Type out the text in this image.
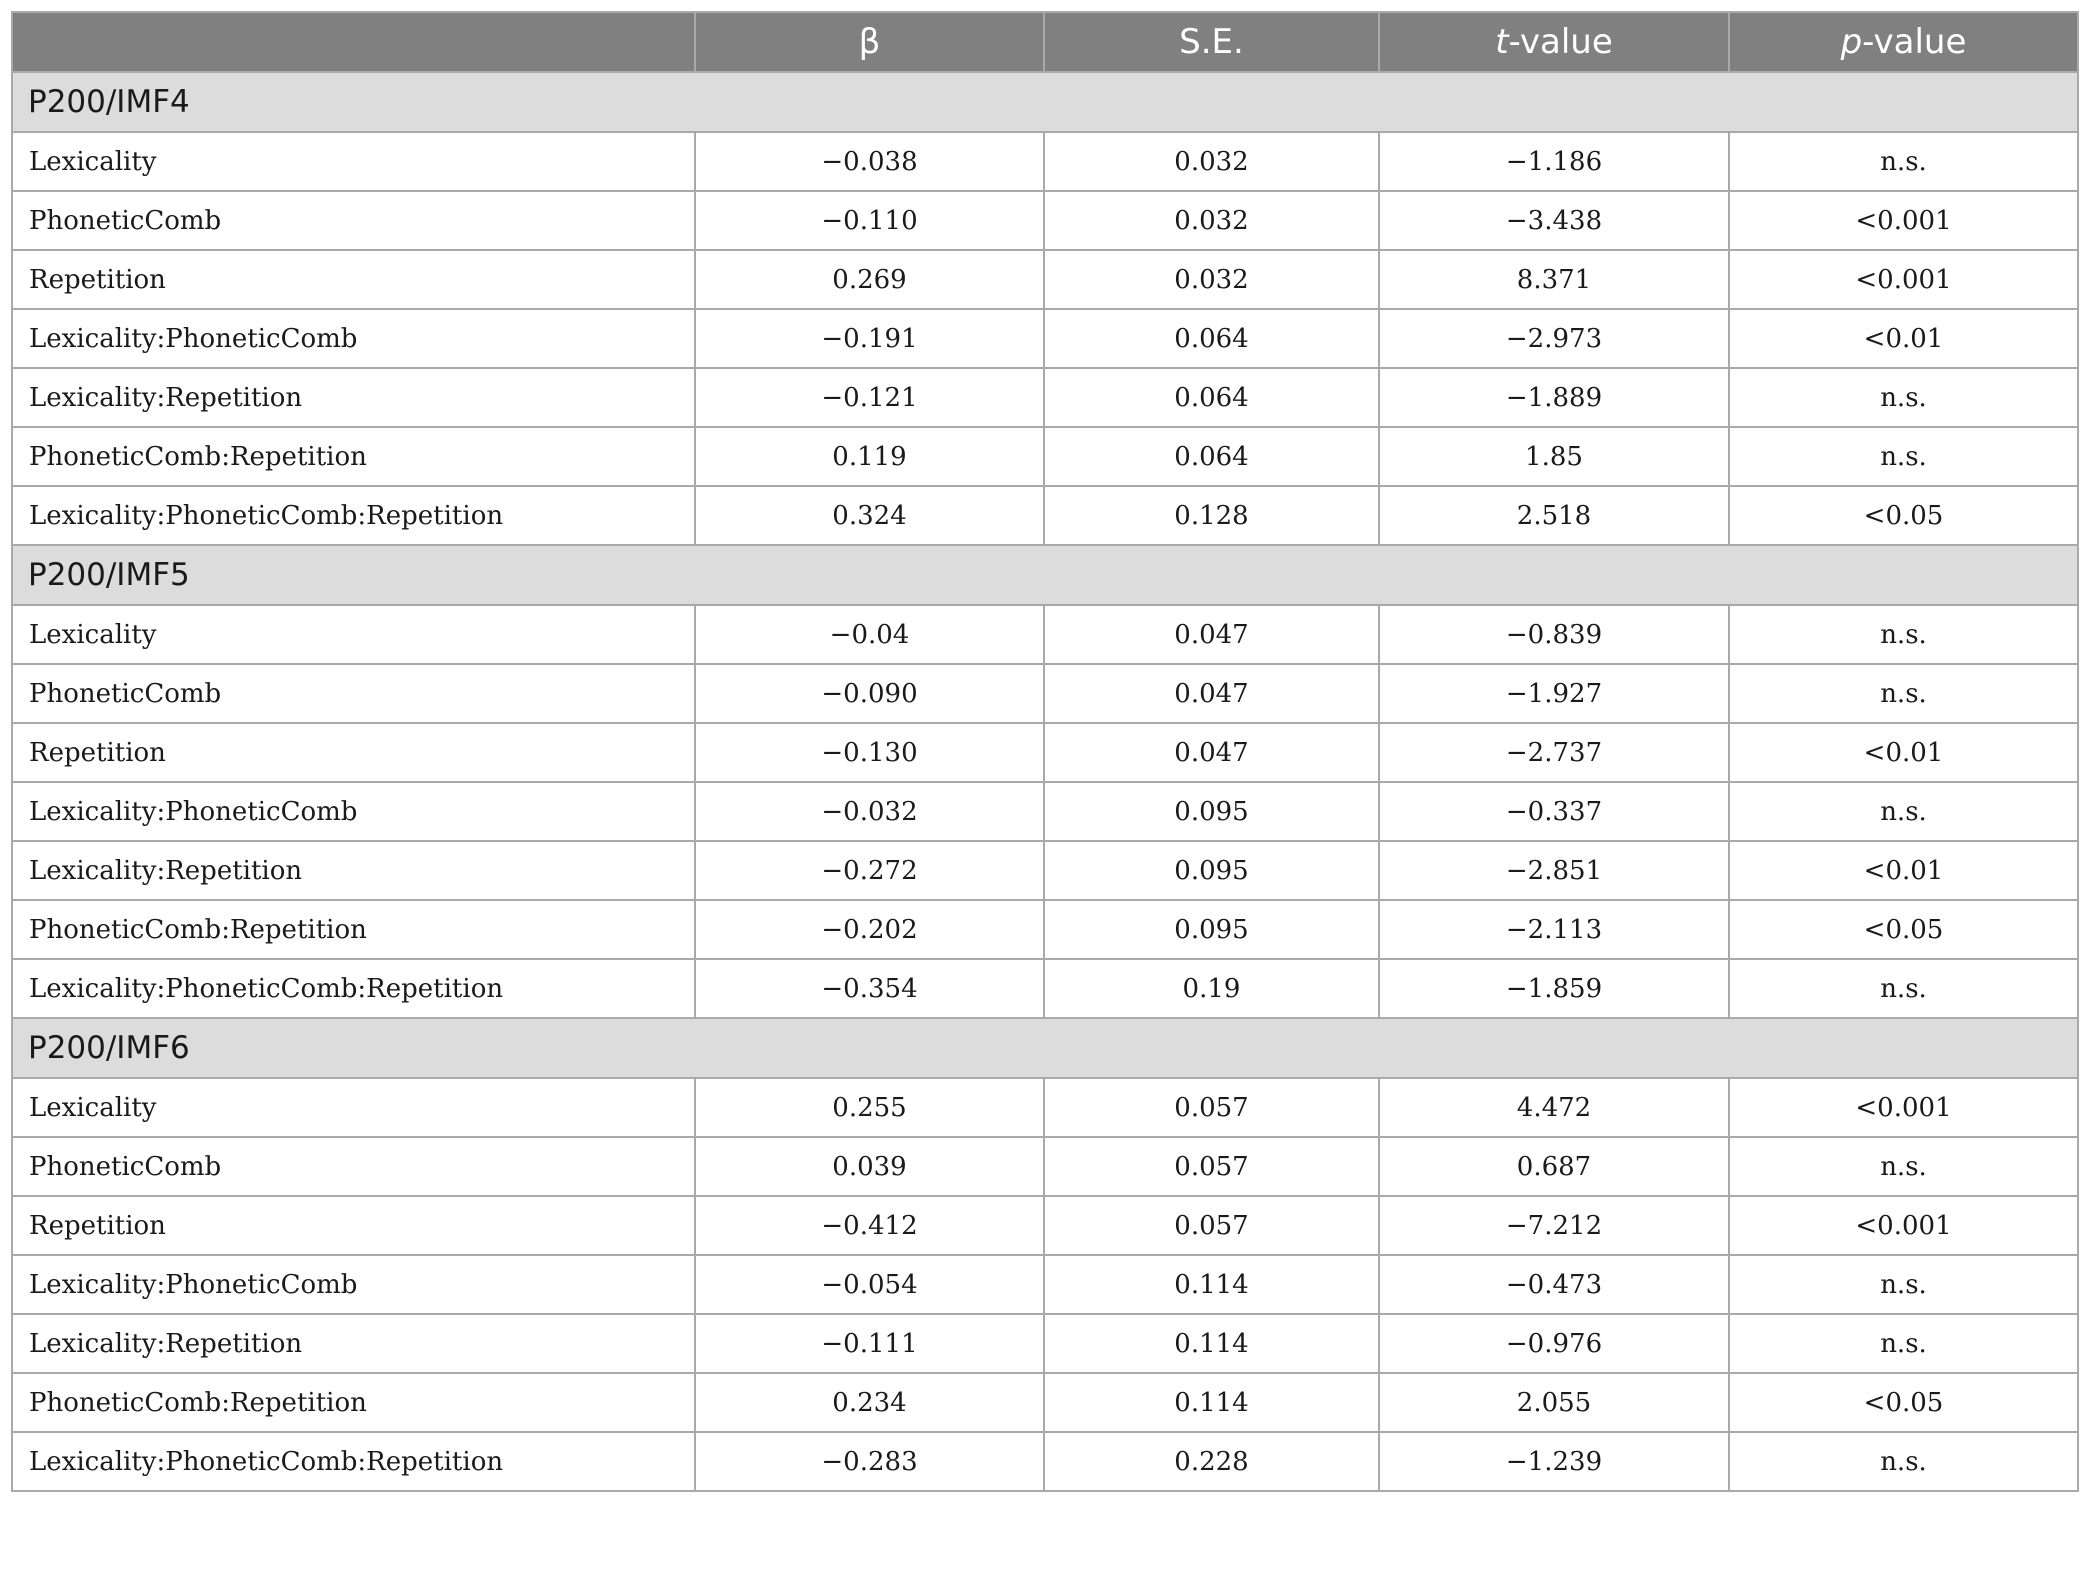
	β	S.E.	t-value	p-value
P200/IMF4				
Lexicality	−0.038	0.032	−1.186	n.s.
PhoneticComb	−0.110	0.032	−3.438	<0.001
Repetition	0.269	0.032	8.371	<0.001
Lexicality:PhoneticComb	−0.191	0.064	−2.973	<0.01
Lexicality:Repetition	−0.121	0.064	−1.889	n.s.
PhoneticComb:Repetition	0.119	0.064	1.85	n.s.
Lexicality:PhoneticComb:Repetition	0.324	0.128	2.518	<0.05
P200/IMF5				
Lexicality	−0.04	0.047	−0.839	n.s.
PhoneticComb	−0.090	0.047	−1.927	n.s.
Repetition	−0.130	0.047	−2.737	<0.01
Lexicality:PhoneticComb	−0.032	0.095	−0.337	n.s.
Lexicality:Repetition	−0.272	0.095	−2.851	<0.01
PhoneticComb:Repetition	−0.202	0.095	−2.113	<0.05
Lexicality:PhoneticComb:Repetition	−0.354	0.19	−1.859	n.s.
P200/IMF6				
Lexicality	0.255	0.057	4.472	<0.001
PhoneticComb	0.039	0.057	0.687	n.s.
Repetition	−0.412	0.057	−7.212	<0.001
Lexicality:PhoneticComb	−0.054	0.114	−0.473	n.s.
Lexicality:Repetition	−0.111	0.114	−0.976	n.s.
PhoneticComb:Repetition	0.234	0.114	2.055	<0.05
Lexicality:PhoneticComb:Repetition	−0.283	0.228	−1.239	n.s.
